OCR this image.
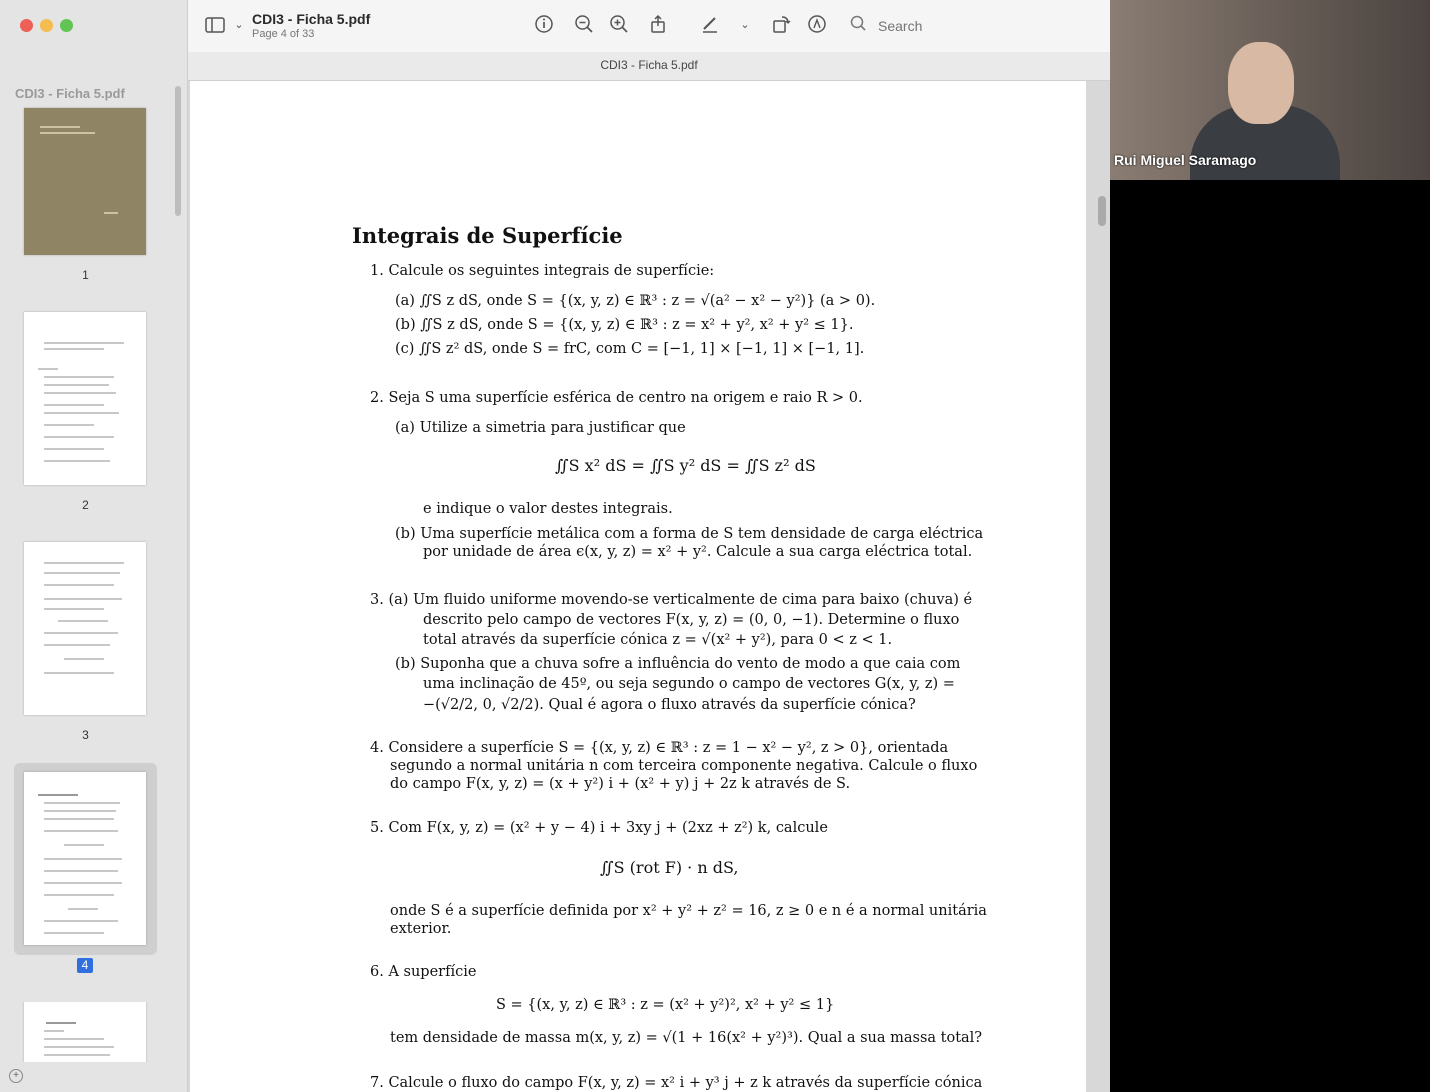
CDI3 - Ficha 5.pdf
1
2
3
4
+
⌄ CDI3 - Ficha 5.pdf
Page 4 of 33
⌄
Search
CDI3 - Ficha 5.pdf
Integrais de Superfície
1. Calcule os seguintes integrais de superfície:
(a) ∬S z dS, onde S = {(x, y, z) ∈ ℝ³ : z = √(a² − x² − y²)} (a > 0).
(b) ∬S z dS, onde S = {(x, y, z) ∈ ℝ³ : z = x² + y², x² + y² ≤ 1}.
(c) ∬S z² dS, onde S = frC, com C = [−1, 1] × [−1, 1] × [−1, 1].
2. Seja S uma superfície esférica de centro na origem e raio R > 0.
(a) Utilize a simetria para justificar que
∬S x² dS = ∬S y² dS = ∬S z² dS
e indique o valor destes integrais.
(b) Uma superfície metálica com a forma de S tem densidade de carga eléctrica
por unidade de área ϵ(x, y, z) = x² + y². Calcule a sua carga eléctrica total.
3. (a) Um fluido uniforme movendo-se verticalmente de cima para baixo (chuva) é
descrito pelo campo de vectores F(x, y, z) = (0, 0, −1). Determine o fluxo
total através da superfície cónica z = √(x² + y²), para 0 < z < 1.
(b) Suponha que a chuva sofre a influência do vento de modo a que caia com
uma inclinação de 45º, ou seja segundo o campo de vectores G(x, y, z) =
−(√2/2, 0, √2/2). Qual é agora o fluxo através da superfície cónica?
4. Considere a superfície S = {(x, y, z) ∈ ℝ³ : z = 1 − x² − y², z > 0}, orientada
segundo a normal unitária n com terceira componente negativa. Calcule o fluxo
do campo F(x, y, z) = (x + y²) i + (x² + y) j + 2z k através de S.
5. Com F(x, y, z) = (x² + y − 4) i + 3xy j + (2xz + z²) k, calcule
∬S (rot F) · n dS,
onde S é a superfície definida por x² + y² + z² = 16, z ≥ 0 e n é a normal unitária
exterior.
6. A superfície
S = {(x, y, z) ∈ ℝ³ : z = (x² + y²)², x² + y² ≤ 1}
tem densidade de massa m(x, y, z) = √(1 + 16(x² + y²)³). Qual a sua massa total?
7. Calcule o fluxo do campo F(x, y, z) = x² i + y³ j + z k através da superfície cónica
Rui Miguel Saramago
